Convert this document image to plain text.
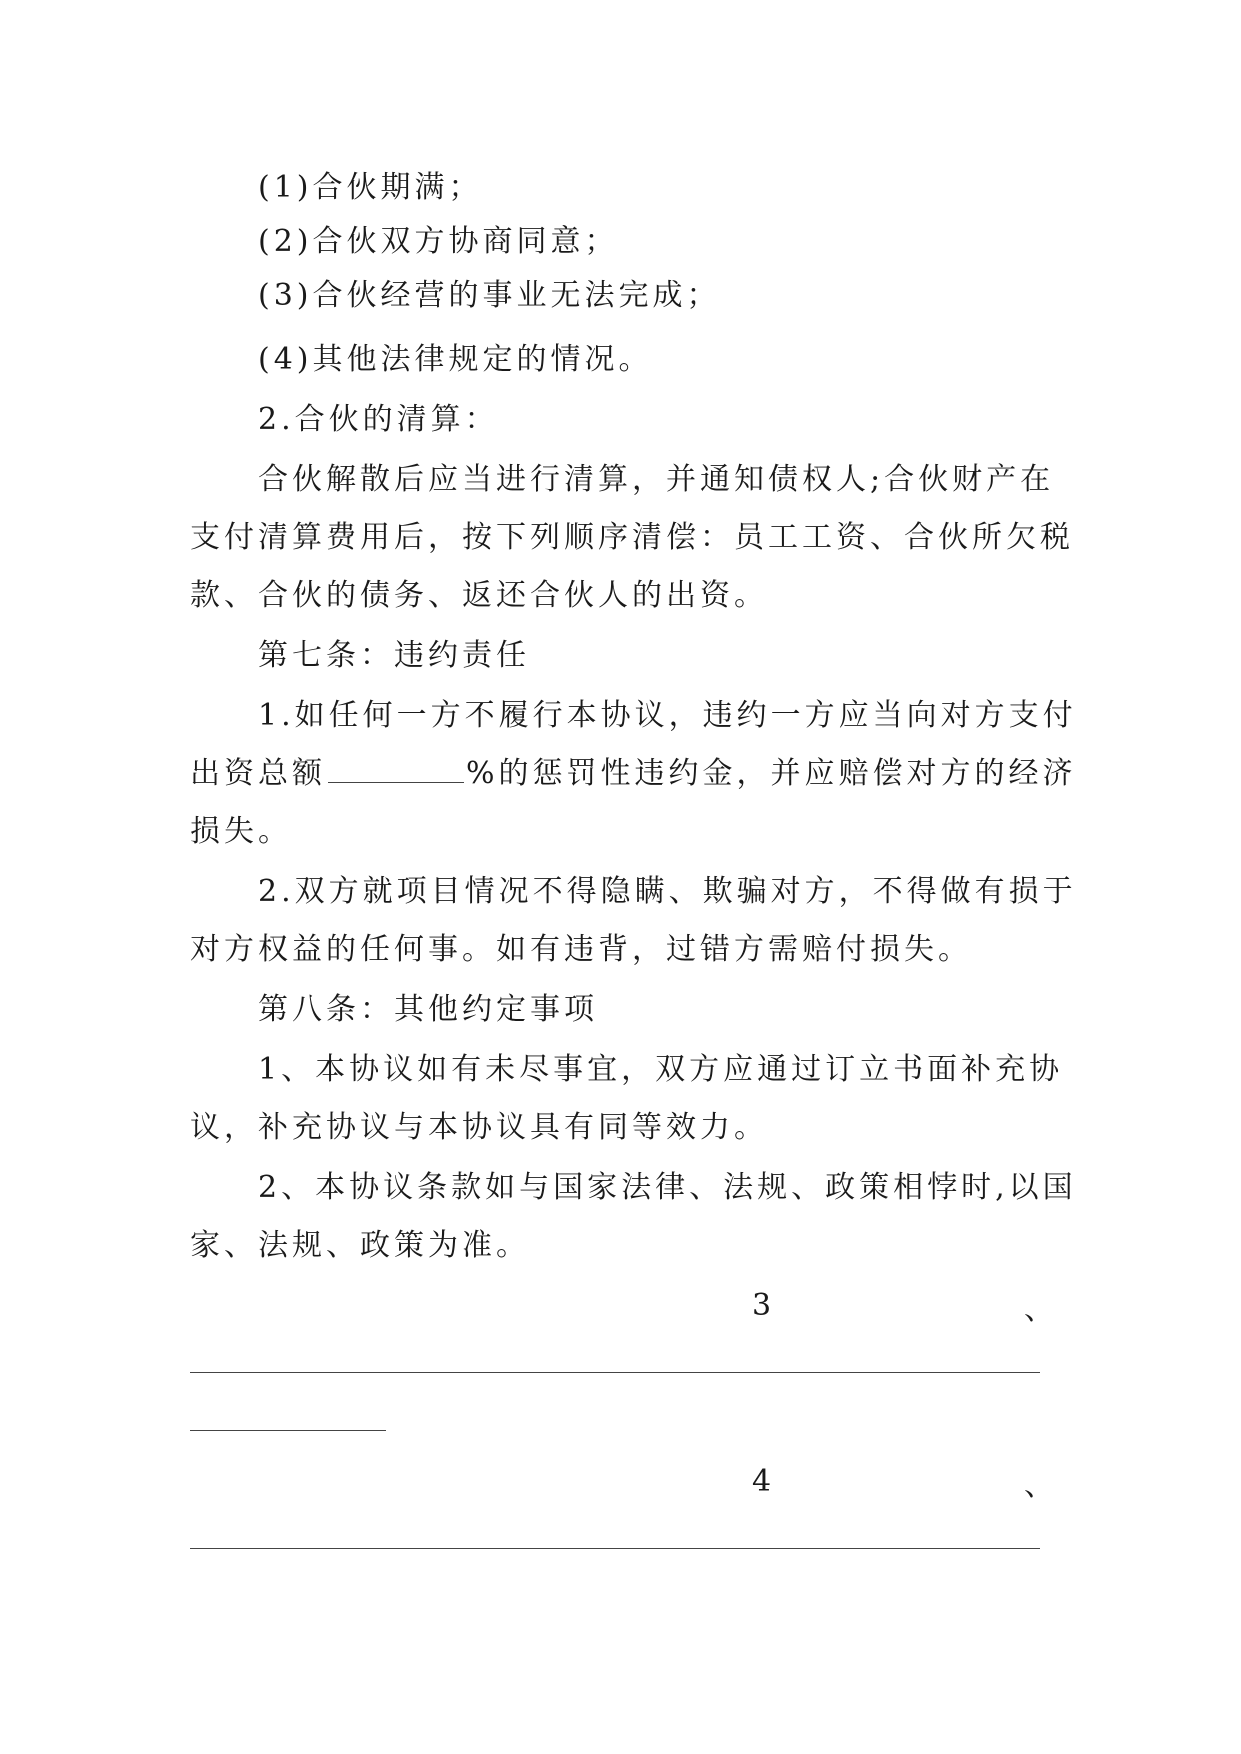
(1)合伙期满；
(2)合伙双方协商同意；
(3)合伙经营的事业无法完成；
(4)其他法律规定的情况。
2.合伙的清算：
合伙解散后应当进行清算，并通知债权人;合伙财产在
支付清算费用后，按下列顺序清偿：员工工资、合伙所欠税
款、合伙的债务、返还合伙人的出资。
第七条：违约责任
1.如任何一方不履行本协议，违约一方应当向对方支付
出资总额	%的惩罚性违约金，并应赔偿对方的经济
损失。
2.双方就项目情况不得隐瞒、欺骗对方，不得做有损于
对方权益的任何事。如有违背，过错方需赔付损失。
第八条：其他约定事项
1、本协议如有未尽事宜，双方应通过订立书面补充协
议，补充协议与本协议具有同等效力。
2、本协议条款如与国家法律、法规、政策相悖时,以国
家、法规、政策为准。
3	、
4	、
